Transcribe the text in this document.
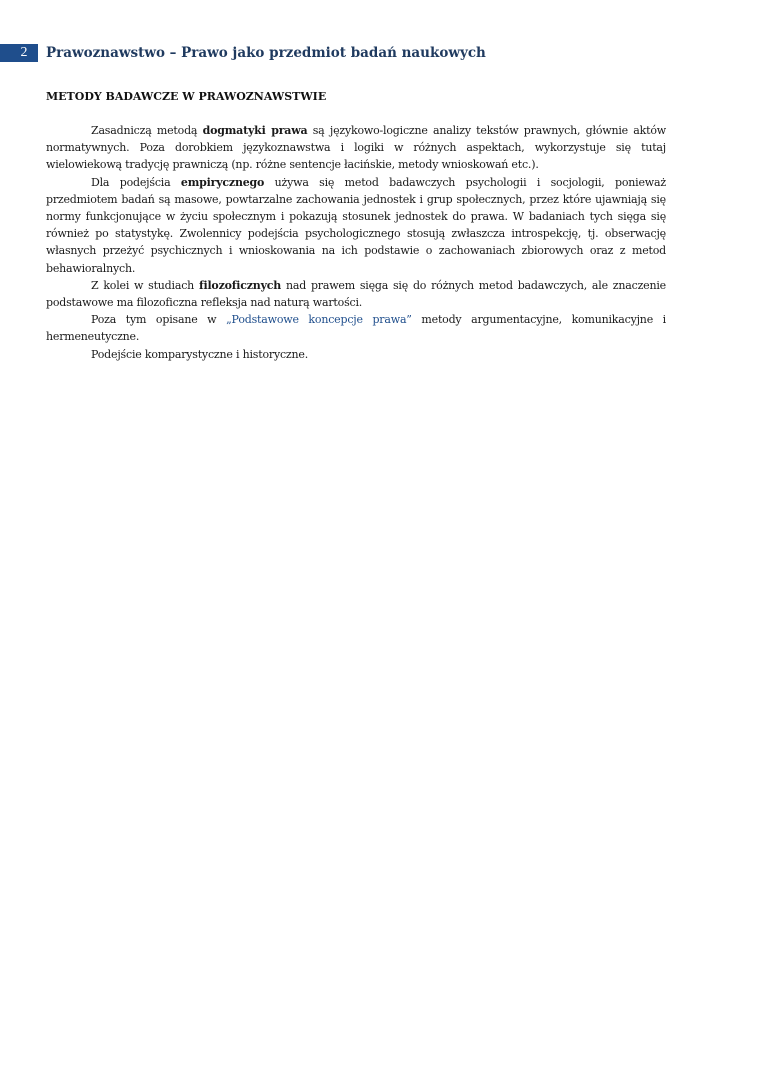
2	Prawoznawstwo – Prawo jako przedmiot badań naukowych
METODY BADAWCZE W PRAWOZNAWSTWIE

Zasadniczą metodą dogmatyki prawa są językowo-logiczne analizy tekstów prawnych, głównie aktów normatywnych. Poza dorobkiem językoznawstwa i logiki w różnych aspektach, wykorzystuje się tutaj wielowiekową tradycję prawniczą (np. różne sentencje łacińskie, metody wnioskowań etc.).

Dla podejścia empirycznego używa się metod badawczych psychologii i socjologii, ponieważ przedmiotem badań są masowe, powtarzalne zachowania jednostek i grup społecznych, przez które ujawniają się normy funkcjonujące w życiu społecznym i pokazują stosunek jednostek do prawa. W badaniach tych sięga się również po statystykę. Zwolennicy podejścia psychologicznego stosują zwłaszcza introspekcję, tj. obserwację własnych przeżyć psychicznych i wnioskowania na ich podstawie o zachowaniach zbiorowych oraz z metod behawioralnych.

Z kolei w studiach filozoficznych nad prawem sięga się do różnych metod badawczych, ale znaczenie podstawowe ma filozoficzna refleksja nad naturą wartości.

Poza tym opisane w „Podstawowe koncepcje prawa” metody argumentacyjne, komunikacyjne i hermeneutyczne.

Podejście komparystyczne i historyczne.
